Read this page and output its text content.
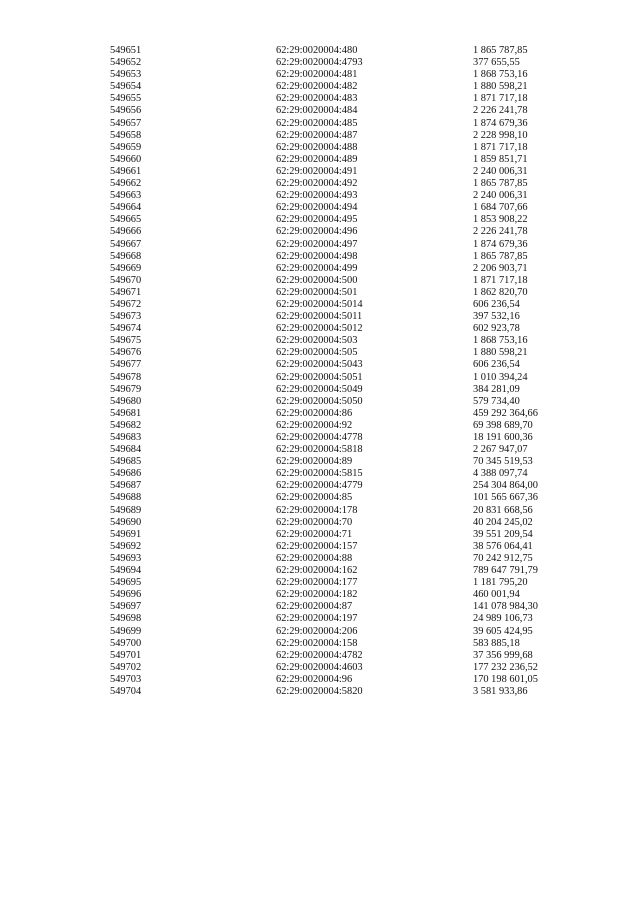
549651	62:29:0020004:480	1 865 787,85
549652	62:29:0020004:4793	377 655,55
549653	62:29:0020004:481	1 868 753,16
549654	62:29:0020004:482	1 880 598,21
549655	62:29:0020004:483	1 871 717,18
549656	62:29:0020004:484	2 226 241,78
549657	62:29:0020004:485	1 874 679,36
549658	62:29:0020004:487	2 228 998,10
549659	62:29:0020004:488	1 871 717,18
549660	62:29:0020004:489	1 859 851,71
549661	62:29:0020004:491	2 240 006,31
549662	62:29:0020004:492	1 865 787,85
549663	62:29:0020004:493	2 240 006,31
549664	62:29:0020004:494	1 684 707,66
549665	62:29:0020004:495	1 853 908,22
549666	62:29:0020004:496	2 226 241,78
549667	62:29:0020004:497	1 874 679,36
549668	62:29:0020004:498	1 865 787,85
549669	62:29:0020004:499	2 206 903,71
549670	62:29:0020004:500	1 871 717,18
549671	62:29:0020004:501	1 862 820,70
549672	62:29:0020004:5014	606 236,54
549673	62:29:0020004:5011	397 532,16
549674	62:29:0020004:5012	602 923,78
549675	62:29:0020004:503	1 868 753,16
549676	62:29:0020004:505	1 880 598,21
549677	62:29:0020004:5043	606 236,54
549678	62:29:0020004:5051	1 010 394,24
549679	62:29:0020004:5049	384 281,09
549680	62:29:0020004:5050	579 734,40
549681	62:29:0020004:86	459 292 364,66
549682	62:29:0020004:92	69 398 689,70
549683	62:29:0020004:4778	18 191 600,36
549684	62:29:0020004:5818	2 267 947,07
549685	62:29:0020004:89	70 345 519,53
549686	62:29:0020004:5815	4 388 097,74
549687	62:29:0020004:4779	254 304 864,00
549688	62:29:0020004:85	101 565 667,36
549689	62:29:0020004:178	20 831 668,56
549690	62:29:0020004:70	40 204 245,02
549691	62:29:0020004:71	39 551 209,54
549692	62:29:0020004:157	38 576 064,41
549693	62:29:0020004:88	70 242 912,75
549694	62:29:0020004:162	789 647 791,79
549695	62:29:0020004:177	1 181 795,20
549696	62:29:0020004:182	460 001,94
549697	62:29:0020004:87	141 078 984,30
549698	62:29:0020004:197	24 989 106,73
549699	62:29:0020004:206	39 605 424,95
549700	62:29:0020004:158	583 885,18
549701	62:29:0020004:4782	37 356 999,68
549702	62:29:0020004:4603	177 232 236,52
549703	62:29:0020004:96	170 198 601,05
549704	62:29:0020004:5820	3 581 933,86
